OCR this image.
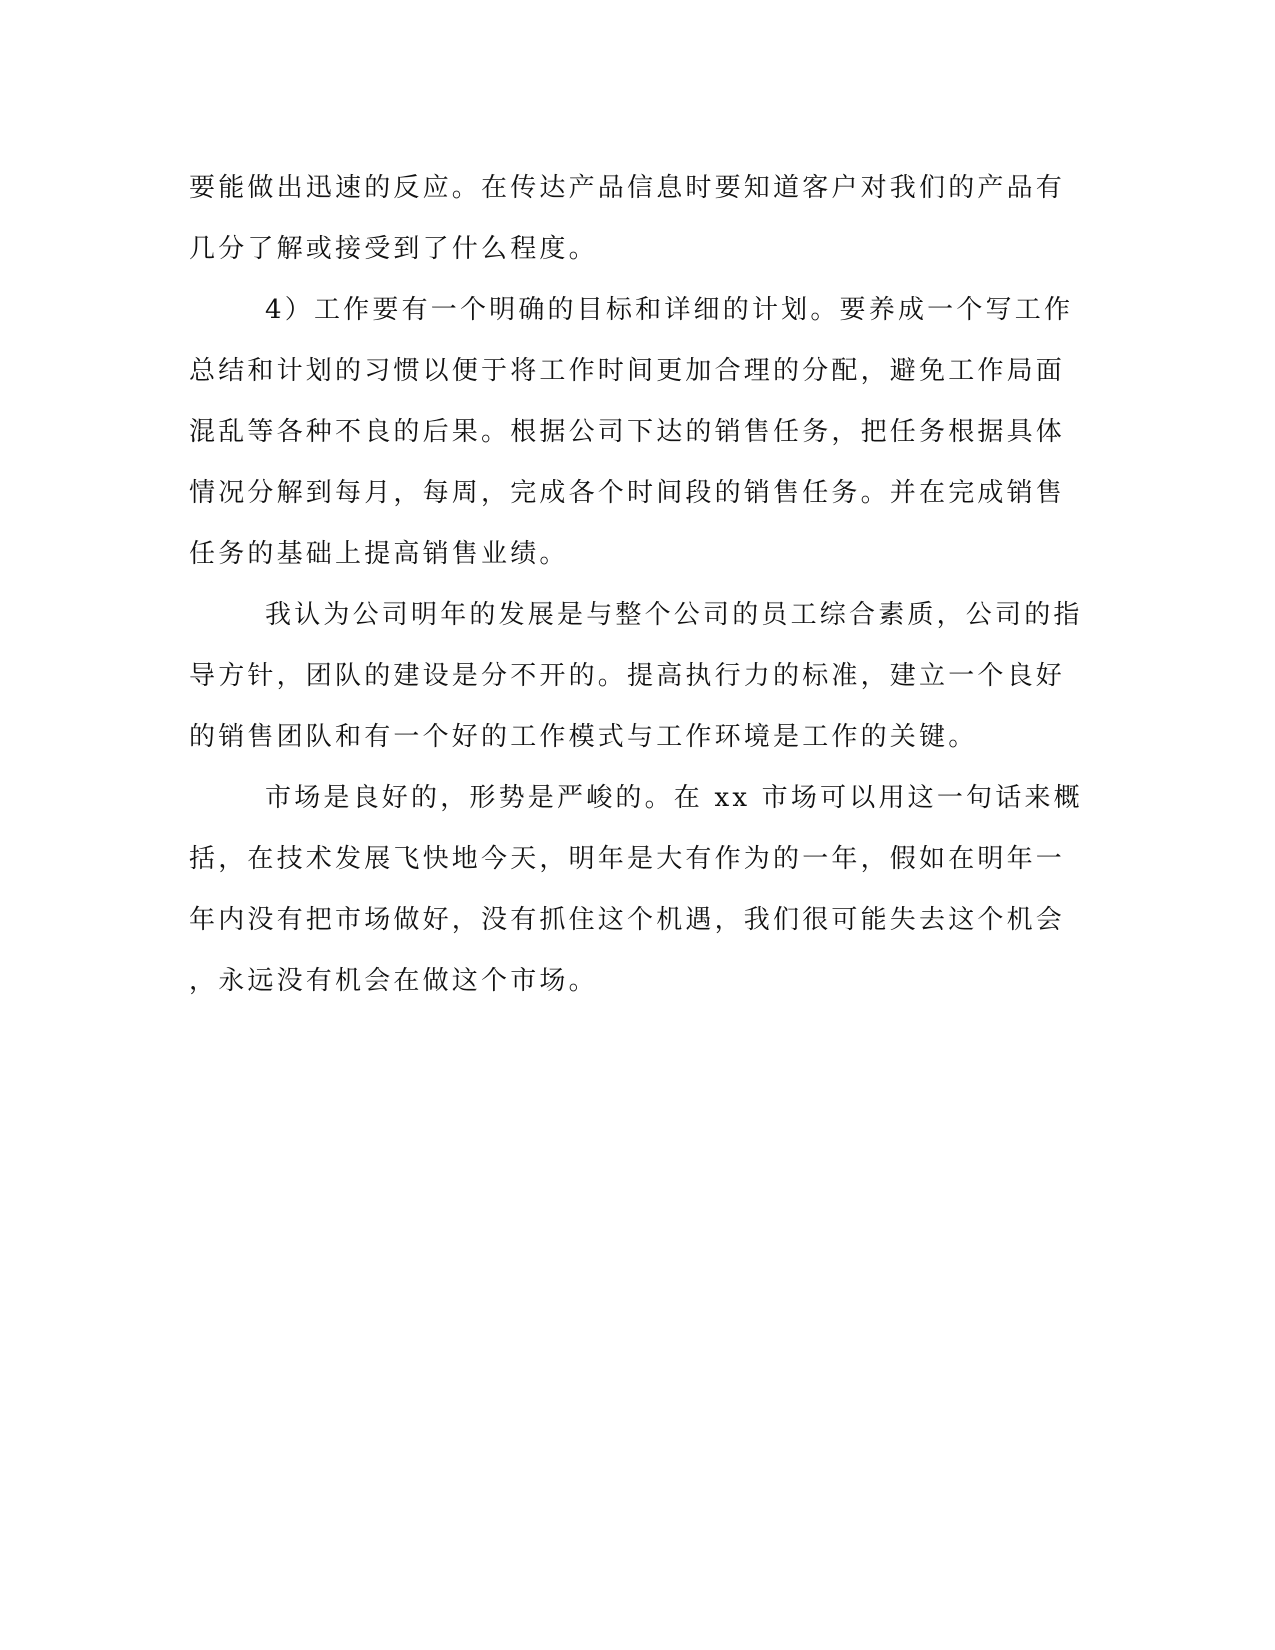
要能做出迅速的反应。在传达产品信息时要知道客户对我们的产品有

几分了解或接受到了什么程度。

4）工作要有一个明确的目标和详细的计划。要养成一个写工作

总结和计划的习惯以便于将工作时间更加合理的分配，避免工作局面

混乱等各种不良的后果。根据公司下达的销售任务，把任务根据具体

情况分解到每月，每周，完成各个时间段的销售任务。并在完成销售

任务的基础上提高销售业绩。

我认为公司明年的发展是与整个公司的员工综合素质，公司的指

导方针，团队的建设是分不开的。提高执行力的标准，建立一个良好

的销售团队和有一个好的工作模式与工作环境是工作的关键。

市场是良好的，形势是严峻的。在 xx 市场可以用这一句话来概

括，在技术发展飞快地今天，明年是大有作为的一年，假如在明年一

年内没有把市场做好，没有抓住这个机遇，我们很可能失去这个机会

，永远没有机会在做这个市场。
